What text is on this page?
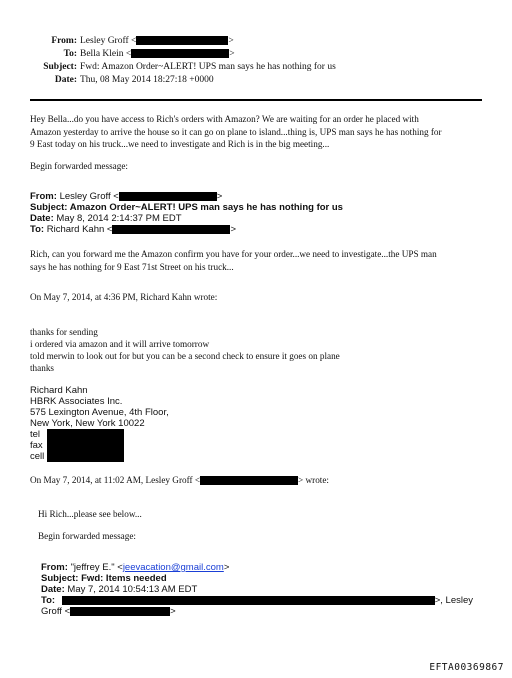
From: Lesley Groff <	>
To: Bella Klein <	>
Subject: Fwd: Amazon Order~ALERT! UPS man says he has nothing for us
Date: Thu, 08 May 2014 18:27:18 +0000
Hey Bella...do you have access to Rich's orders with Amazon? We are waiting for an order he placed with
Amazon yesterday to arrive the house so it can go on plane to island...thing is, UPS man says he has nothing for
9 East today on his truck...we need to investigate and Rich is in the big meeting...
Begin forwarded message:
From: Lesley Groff <	>
Subject: Amazon Order~ALERT! UPS man says he has nothing for us
Date: May 8, 2014 2:14:37 PM EDT
To: Richard Kahn <	>
Rich, can you forward me the Amazon confirm you have for your order...we need to investigate...the UPS man
says he has nothing for 9 East 71st Street on his truck...
On May 7, 2014, at 4:36 PM, Richard Kahn wrote:
thanks for sending
i ordered via amazon and it will arrive tomorrow
told merwin to look out for but you can be a second check to ensure it goes on plane
thanks
Richard Kahn
HBRK Associates Inc.
575 Lexington Avenue, 4th Floor,
New York, New York 10022
tel
fax
cell
On May 7, 2014, at 11:02 AM, Lesley Groff <	> wrote:
Hi Rich...please see below...
Begin forwarded message:
From: "jeffrey E." <jeevacation@gmail.com>
Subject: Fwd: Items needed
Date: May 7, 2014 10:54:13 AM EDT
To:	>, Lesley
Groff <	>
EFTA00369867
